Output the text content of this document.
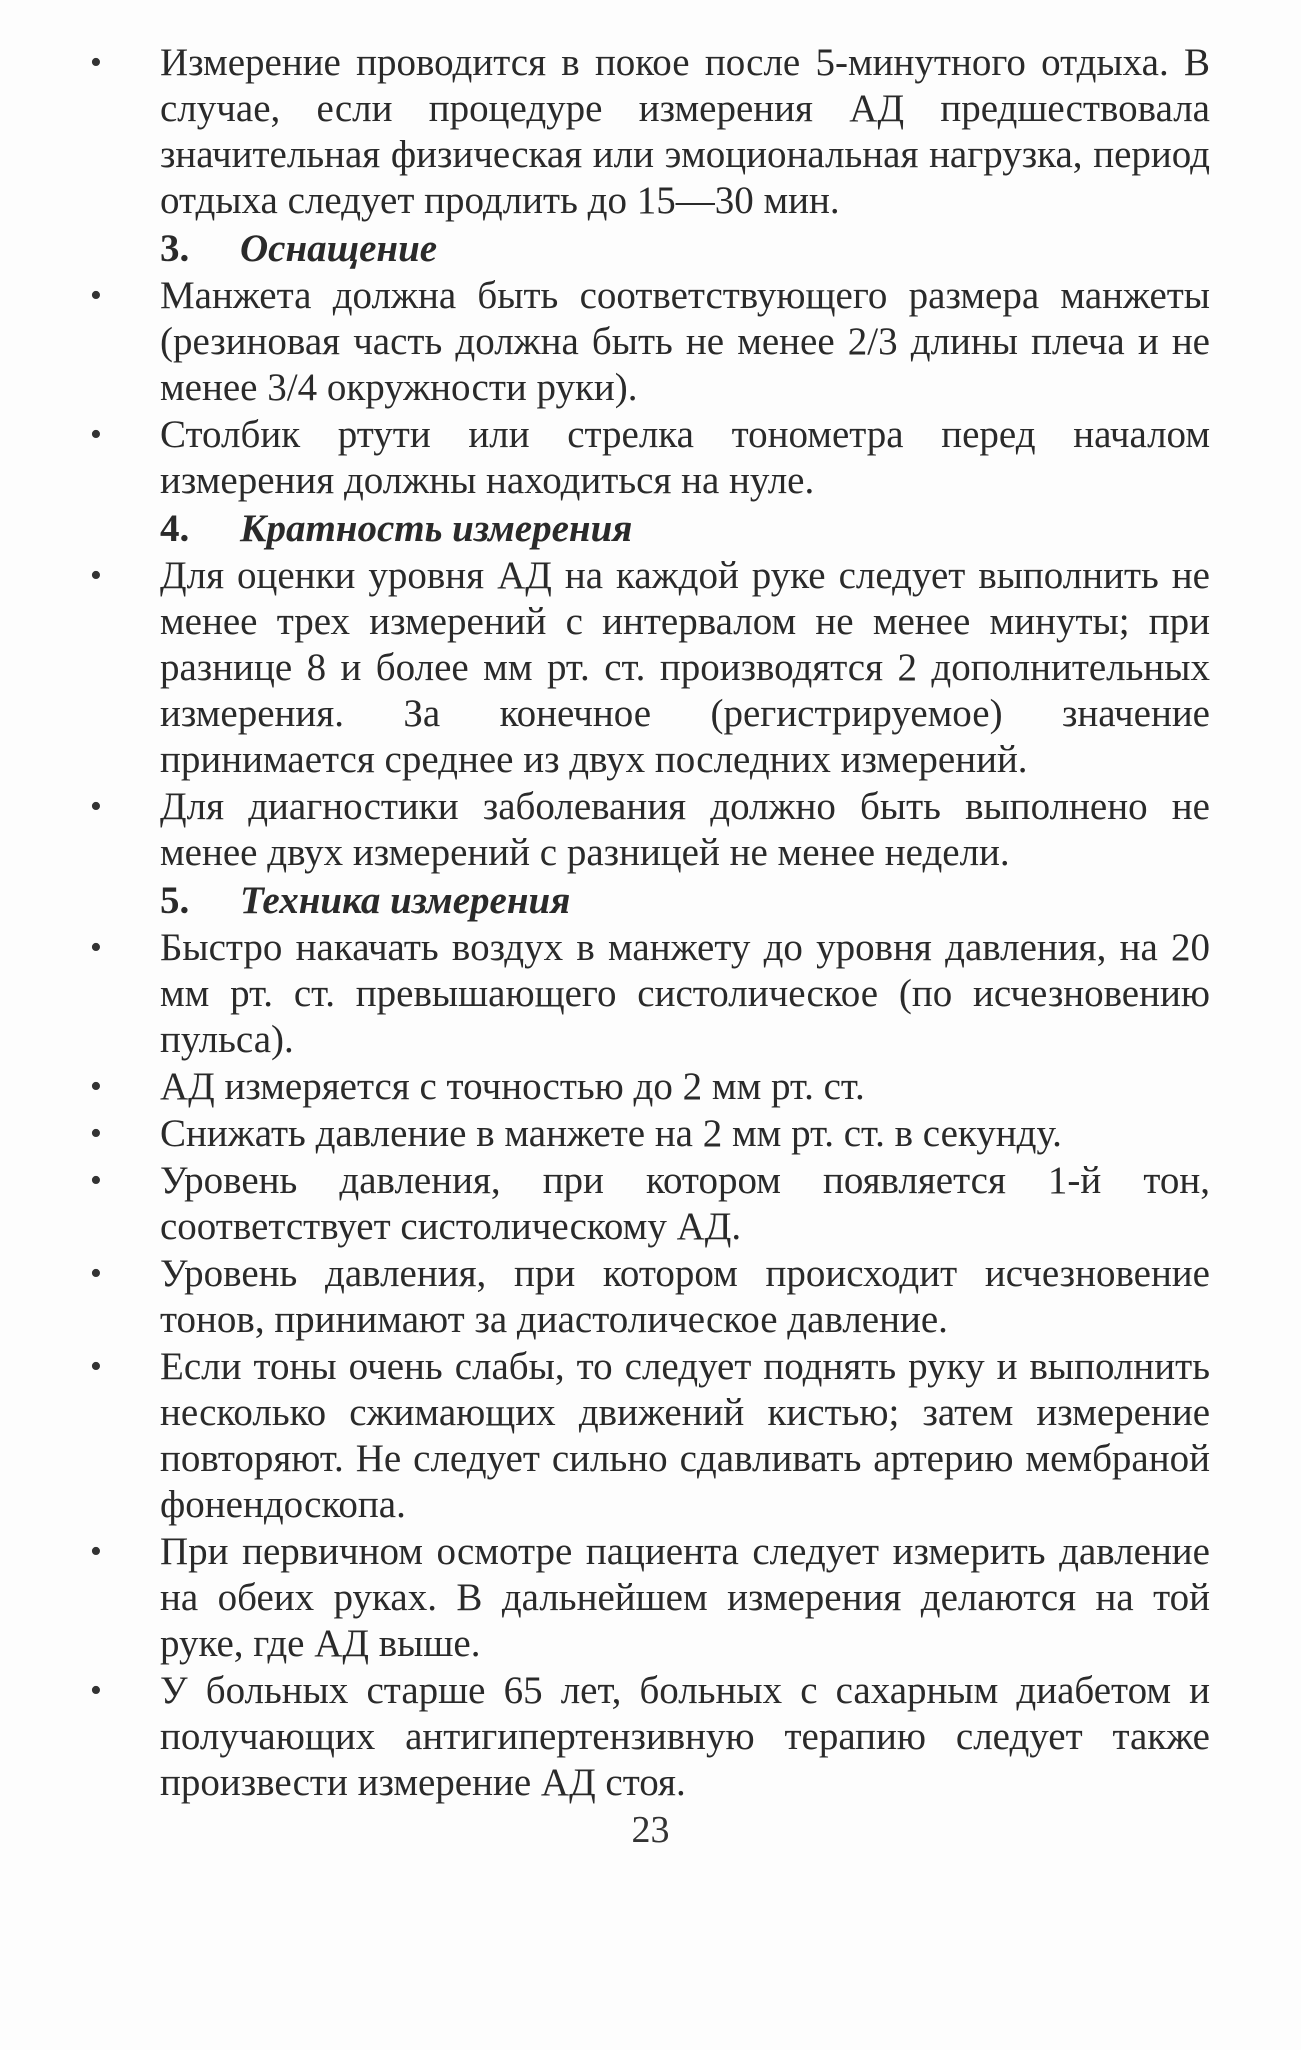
• Измерение проводится в покое после 5-минутного отдыха. В случае, если процедуре измерения АД предшествовала значительная физическая или эмоциональная нагрузка, период отдыха следует продлить до 15—30 мин.
3. Оснащение
• Манжета должна быть соответствующего размера манжеты (резиновая часть должна быть не менее 2/3 длины плеча и не менее 3/4 окружности руки).
• Столбик ртути или стрелка тонометра перед началом измерения должны находиться на нуле.
4. Кратность измерения
• Для оценки уровня АД на каждой руке следует выполнить не менее трех измерений с интервалом не менее минуты; при разнице 8 и более мм рт. ст. производятся 2 дополнительных измерения. За конечное (регистрируемое) значение принимается среднее из двух последних измерений.
• Для диагностики заболевания должно быть выполнено не менее двух измерений с разницей не менее недели.
5. Техника измерения
• Быстро накачать воздух в манжету до уровня давления, на 20 мм рт. ст. превышающего систолическое (по исчезновению пульса).
• АД измеряется с точностью до 2 мм рт. ст.
• Снижать давление в манжете на 2 мм рт. ст. в секунду.
• Уровень давления, при котором появляется 1-й тон, соответствует систолическому АД.
• Уровень давления, при котором происходит исчезновение тонов, принимают за диастолическое давление.
• Если тоны очень слабы, то следует поднять руку и выполнить несколько сжимающих движений кистью; затем измерение повторяют. Не следует сильно сдавливать артерию мембраной фонендоскопа.
• При первичном осмотре пациента следует измерить давление на обеих руках. В дальнейшем измерения делаются на той руке, где АД выше.
• У больных старше 65 лет, больных с сахарным диабетом и получающих антигипертензивную терапию следует также произвести измерение АД стоя.
23
